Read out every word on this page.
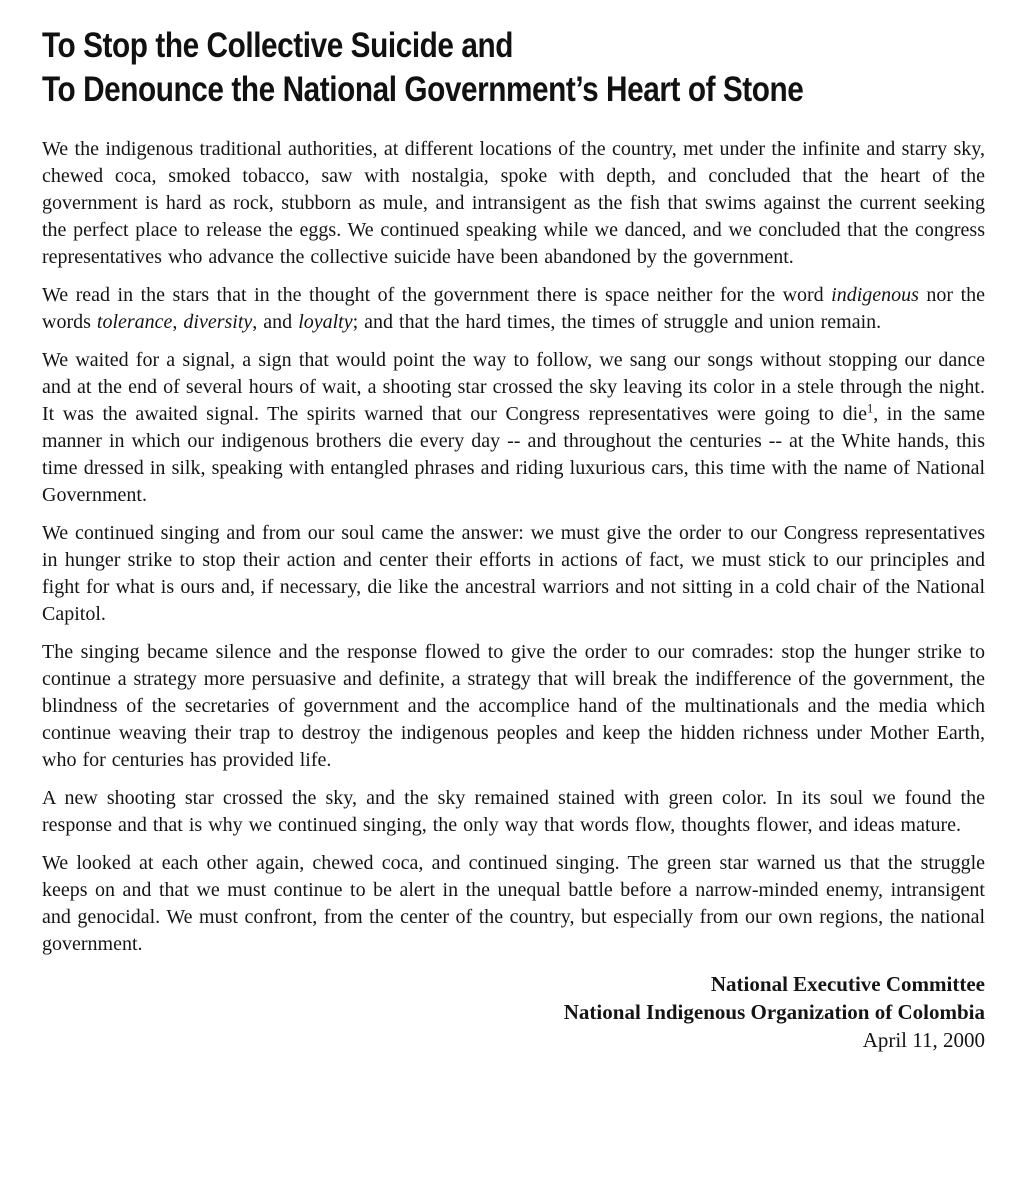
To Stop the Collective Suicide and
To Denounce the National Government’s Heart of Stone

We the indigenous traditional authorities, at different locations of the country, met under the infinite and starry sky, chewed coca, smoked tobacco, saw with nostalgia, spoke with depth, and concluded that the heart of the government is hard as rock, stubborn as mule, and intransigent as the fish that swims against the current seeking the perfect place to release the eggs. We continued speaking while we danced, and we concluded that the congress representatives who advance the collective suicide have been abandoned by the government.

We read in the stars that in the thought of the government there is space neither for the word indigenous nor the words tolerance, diversity, and loyalty; and that the hard times, the times of struggle and union remain.

We waited for a signal, a sign that would point the way to follow, we sang our songs without stopping our dance and at the end of several hours of wait, a shooting star crossed the sky leaving its color in a stele through the night. It was the awaited signal. The spirits warned that our Congress representatives were going to die$^1$, in the same manner in which our indigenous brothers die every day -- and throughout the centuries -- at the White hands, this time dressed in silk, speaking with entangled phrases and riding luxurious cars, this time with the name of National Government.

We continued singing and from our soul came the answer: we must give the order to our Congress representatives in hunger strike to stop their action and center their efforts in actions of fact, we must stick to our principles and fight for what is ours and, if necessary, die like the ancestral warriors and not sitting in a cold chair of the National Capitol.

The singing became silence and the response flowed to give the order to our comrades: stop the hunger strike to continue a strategy more persuasive and definite, a strategy that will break the indifference of the government, the blindness of the secretaries of government and the accomplice hand of the multinationals and the media which continue weaving their trap to destroy the indigenous peoples and keep the hidden richness under Mother Earth, who for centuries has provided life.

A new shooting star crossed the sky, and the sky remained stained with green color. In its soul we found the response and that is why we continued singing, the only way that words flow, thoughts flower, and ideas mature.

We looked at each other again, chewed coca, and continued singing. The green star warned us that the struggle keeps on and that we must continue to be alert in the unequal battle before a narrow-minded enemy, intransigent and genocidal. We must confront, from the center of the country, but especially from our own regions, the national government.

National Executive Committee
National Indigenous Organization of Colombia
April 11, 2000
